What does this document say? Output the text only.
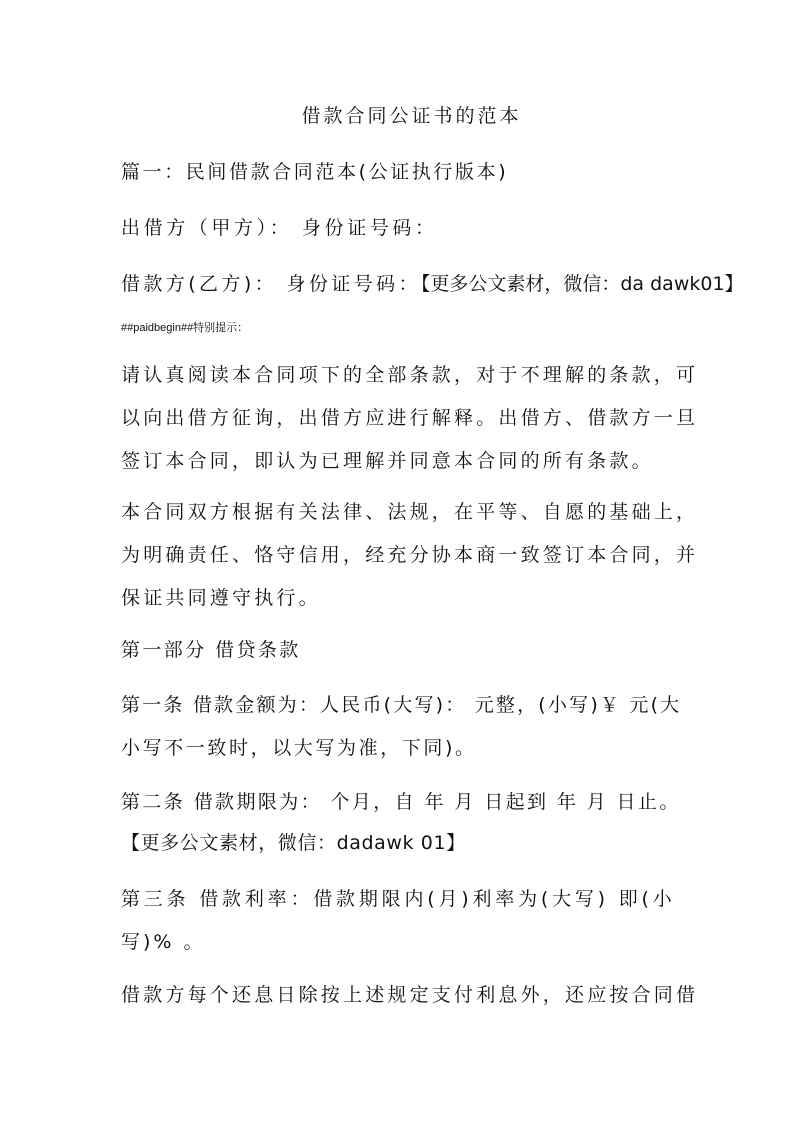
借款合同公证书的范本
篇一：民间借款合同范本(公证执行版本)
出借方（甲方）： 身份证号码：
借款方(乙方)： 身份证号码：【更多公文素材，微信：da dawk01】
##paidbegin##特别提示：
请认真阅读本合同项下的全部条款，对于不理解的条款，可
以向出借方征询，出借方应进行解释。出借方、借款方一旦
签订本合同，即认为已理解并同意本合同的所有条款。
本合同双方根据有关法律、法规，在平等、自愿的基础上，
为明确责任、恪守信用，经充分协本商一致签订本合同，并
保证共同遵守执行。
第一部分 借贷条款
第一条 借款金额为：人民币(大写)： 元整，(小写)￥ 元(大
小写不一致时，以大写为准，下同)。
第二条 借款期限为： 个月，自 年 月 日起到 年 月 日止。
【更多公文素材，微信：dadawk 01】
第三条 借款利率：借款期限内(月)利率为(大写) 即(小
写)% 。
借款方每个还息日除按上述规定支付利息外，还应按合同借
